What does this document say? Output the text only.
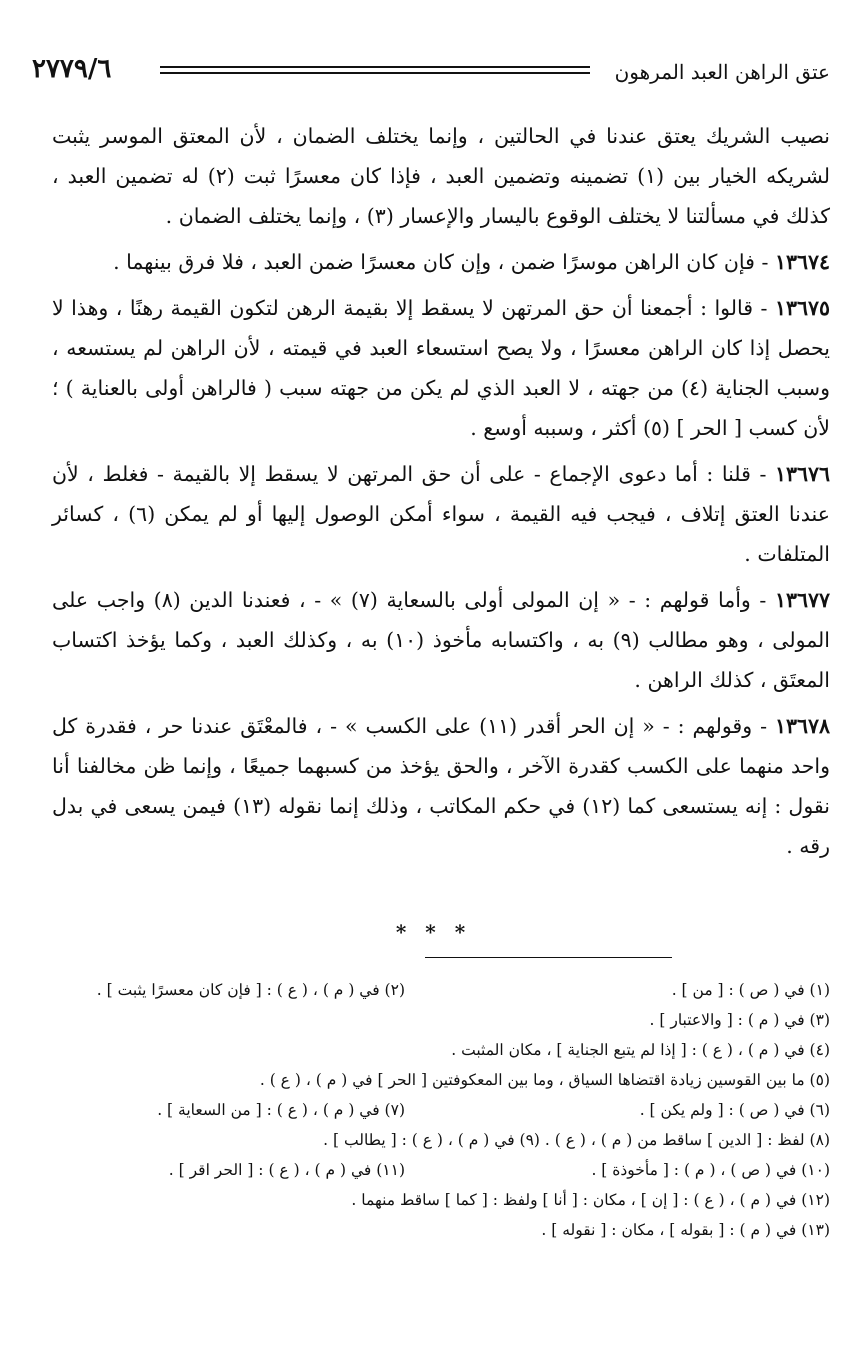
عتق الراهن العبد المرهون
٢٧٧٩/٦

نصيب الشريك يعتق عندنا في الحالتين ، وإنما يختلف الضمان ، لأن المعتق الموسر يثبت لشريكه الخيار بين (١) تضمينه وتضمين العبد ، فإذا كان معسرًا ثبت (٢) له تضمين العبد ، كذلك في مسألتنا لا يختلف الوقوع باليسار والإعسار (٣) ، وإنما يختلف الضمان .

١٣٦٧٤ - فإن كان الراهن موسرًا ضمن ، وإن كان معسرًا ضمن العبد ، فلا فرق بينهما .

١٣٦٧٥ - قالوا : أجمعنا أن حق المرتهن لا يسقط إلا بقيمة الرهن لتكون القيمة رهنًا ، وهذا لا يحصل إذا كان الراهن معسرًا ، ولا يصح استسعاء العبد في قيمته ، لأن الراهن لم يستسعه ، وسبب الجناية (٤) من جهته ، لا العبد الذي لم يكن من جهته سبب ( فالراهن أولى بالعناية ) ؛ لأن كسب [ الحر ] (٥) أكثر ، وسببه أوسع .

١٣٦٧٦ - قلنا : أما دعوى الإجماع - على أن حق المرتهن لا يسقط إلا بالقيمة - فغلط ، لأن عندنا العتق إتلاف ، فيجب فيه القيمة ، سواء أمكن الوصول إليها أو لم يمكن (٦) ، كسائر المتلفات .

١٣٦٧٧ - وأما قولهم : - « إن المولى أولى بالسعاية (٧) » - ، فعندنا الدين (٨) واجب على المولى ، وهو مطالب (٩) به ، واكتسابه مأخوذ (١٠) به ، وكذلك العبد ، وكما يؤخذ اكتساب المعتَق ، كذلك الراهن .

١٣٦٧٨ - وقولهم : - « إن الحر أقدر (١١) على الكسب » - ، فالمعْتَق عندنا حر ، فقدرة كل واحد منهما على الكسب كقدرة الآخر ، والحق يؤخذ من كسبهما جميعًا ، وإنما ظن مخالفنا أنا نقول : إنه يستسعى كما (١٢) في حكم المكاتب ، وذلك إنما نقوله (١٣) فيمن يسعى في بدل رقه .

* * *
(١) في ( ص ) : [ من ] .
(٢) في ( م ) ، ( ع ) : [ فإن كان معسرًا يثبت ] .
(٣) في ( م ) : [ والاعتبار ] .
(٤) في ( م ) ، ( ع ) : [ إذا لم يتبع الجناية ] ، مكان المثبت .
(٥) ما بين القوسين زيادة اقتضاها السياق ، وما بين المعكوفتين [ الحر ] في ( م ) ، ( ع ) .
(٦) في ( ص ) : [ ولم يكن ] .
(٧) في ( م ) ، ( ع ) : [ من السعاية ] .
(٨) لفظ : [ الدين ] ساقط من ( م ) ، ( ع ) . (٩) في ( م ) ، ( ع ) : [ يطالب ] .
(١٠) في ( ص ) ، ( م ) : [ مأخوذة ] .
(١١) في ( م ) ، ( ع ) : [ الحر اقر ] .
(١٢) في ( م ) ، ( ع ) : [ إن ] ، مكان : [ أنا ] ولفظ : [ كما ] ساقط منهما .
(١٣) في ( م ) : [ بقوله ] ، مكان : [ نقوله ] .
